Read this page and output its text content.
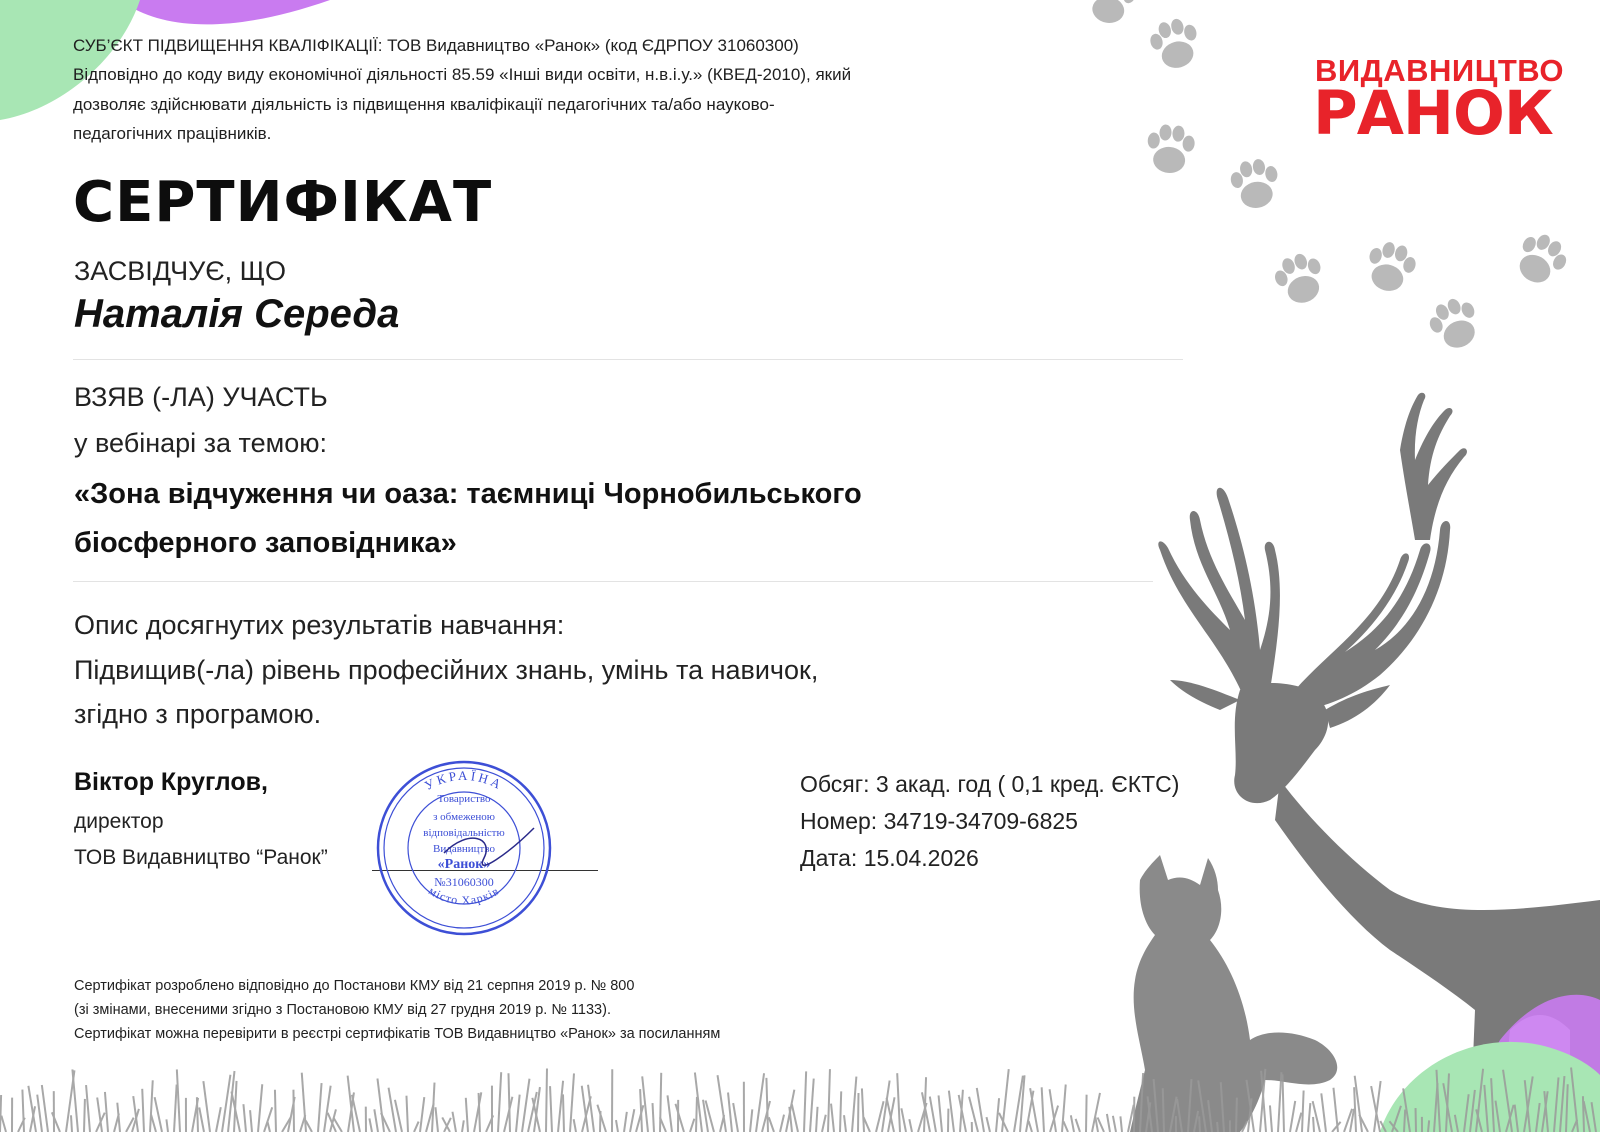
ВИДАВНИЦТВО
РАНОК
СУБ’ЄКТ ПІДВИЩЕННЯ КВАЛІФІКАЦІЇ: ТОВ Видавництво «Ранок» (код ЄДРПОУ 31060300)
Відповідно до коду виду економічної діяльності 85.59 «Інші види освіти, н.в.і.у.» (КВЕД-2010), який
дозволяє здійснювати діяльність із підвищення кваліфікації педагогічних та/або науково-
педагогічних працівників.
СЕРТИФІКАТ
ЗАСВІДЧУЄ, ЩО
Наталія Середа
ВЗЯВ (-ЛА) УЧАСТЬ
у вебінарі за темою:
«Зона відчуження чи оаза: таємниці Чорнобильського
біосферного заповідника»
Опис досягнутих результатів навчання:
Підвищив(-ла) рівень професійних знань, умінь та навичок,
згідно з програмою.
Віктор Круглов,
директор
ТОВ Видавництво “Ранок”
УКРАЇНА
місто Харків
Товариство
з обмеженою
відповідальністю
Видавництво
«Ранок»
№31060300
Обсяг: 3 акад. год ( 0,1 кред. ЄКТС)
Номер: 34719-34709-6825
Дата: 15.04.2026
Сертифікат розроблено відповідно до Постанови КМУ від 21 серпня 2019 р. № 800
(зі змінами, внесеними згідно з Постановою КМУ від 27 грудня 2019 р. № 1133).
Сертифікат можна перевірити в реєстрі сертифікатів ТОВ Видавництво «Ранок» за посиланням
